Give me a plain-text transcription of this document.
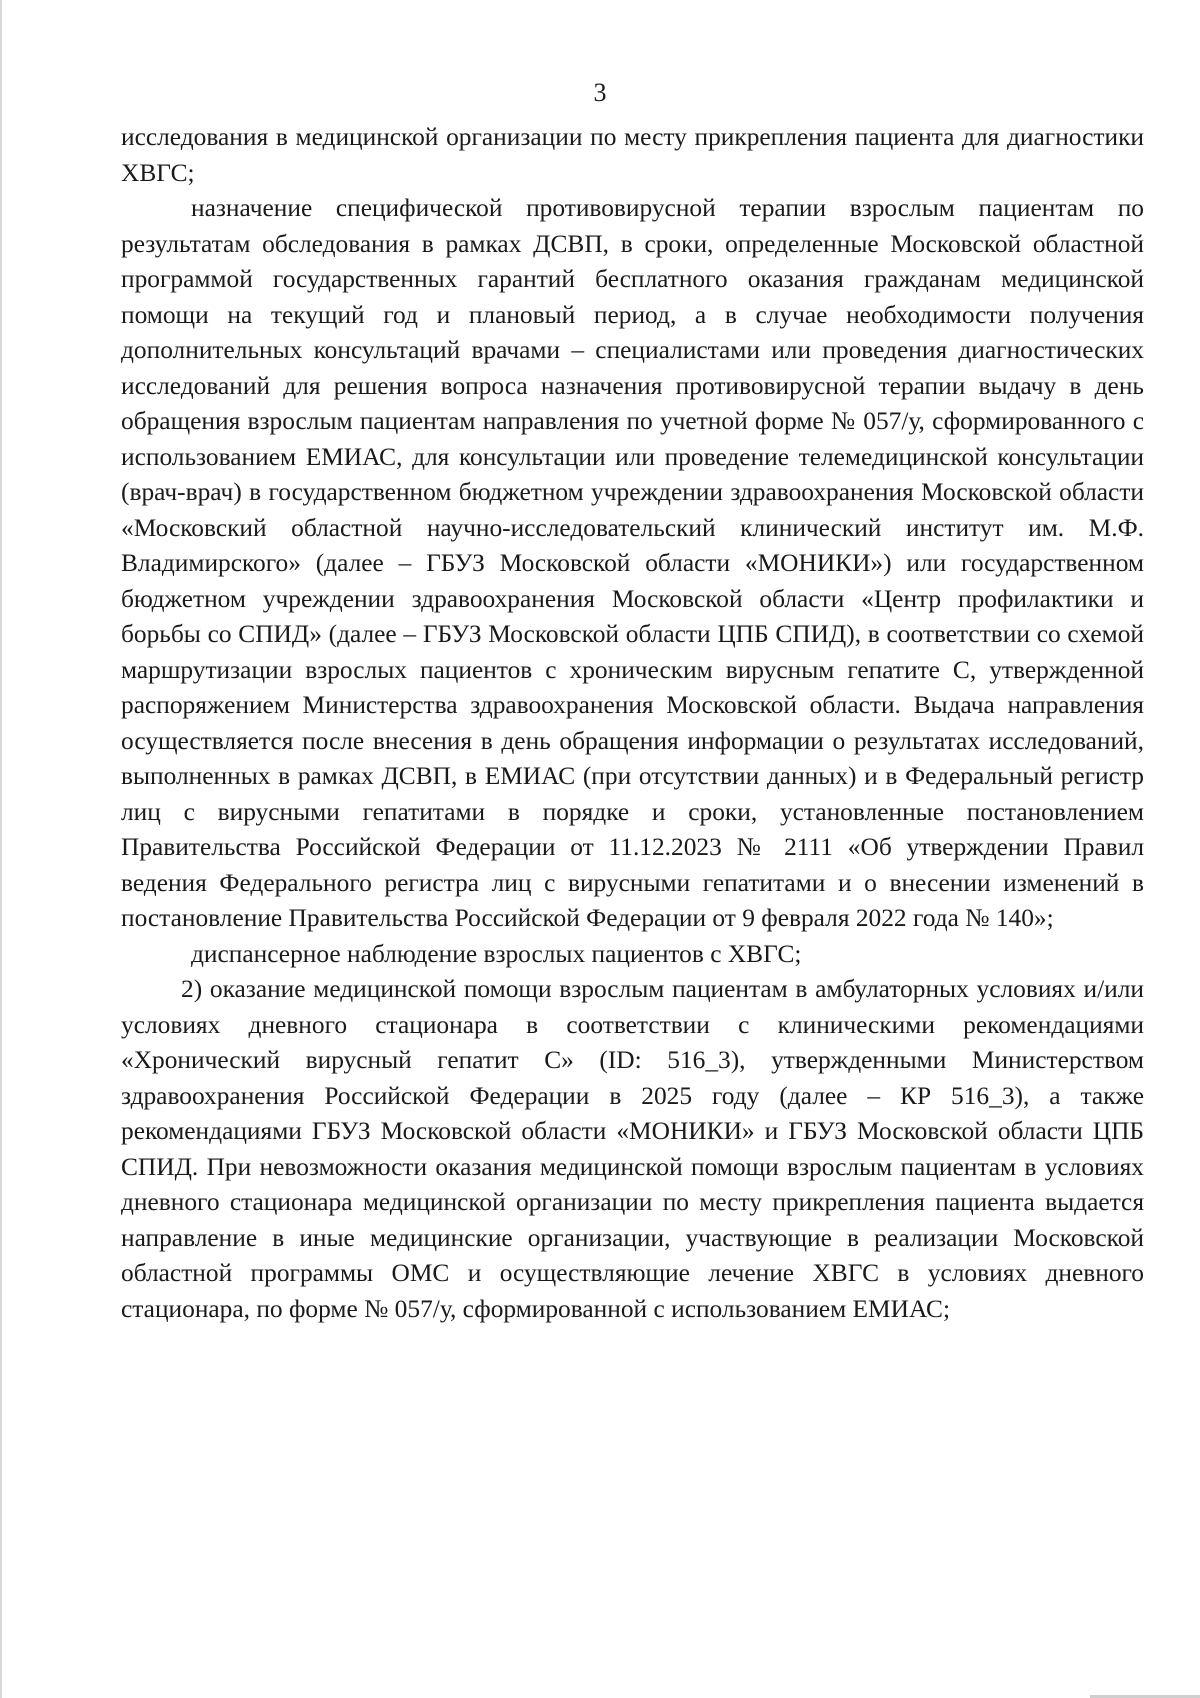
3

исследования в медицинской организации по месту прикрепления пациента для диагностики ХВГС;

назначение специфической противовирусной терапии взрослым пациентам по результатам обследования в рамках ДСВП, в сроки, определенные Московской областной программой государственных гарантий бесплатного оказания гражданам медицинской помощи на текущий год и плановый период, а в случае необходимости получения дополнительных консультаций врачами – специалистами или проведения диагностических исследований для решения вопроса назначения противовирусной терапии выдачу в день обращения взрослым пациентам направления по учетной форме № 057/у, сформированного с использованием ЕМИАС, для консультации или проведение телемедицинской консультации (врач-врач) в государственном бюджетном учреждении здравоохранения Московской области «Московский областной научно-исследовательский клинический институт им. М.Ф. Владимирского» (далее – ГБУЗ Московской области «МОНИКИ») или государственном бюджетном учреждении здравоохранения Московской области «Центр профилактики и борьбы со СПИД» (далее – ГБУЗ Московской области ЦПБ СПИД), в соответствии со схемой маршрутизации взрослых пациентов с хроническим вирусным гепатите С, утвержденной распоряжением Министерства здравоохранения Московской области. Выдача направления осуществляется после внесения в день обращения информации о результатах исследований, выполненных в рамках ДСВП, в ЕМИАС (при отсутствии данных) и в Федеральный регистр лиц с вирусными гепатитами в порядке и сроки, установленные постановлением Правительства Российской Федерации от 11.12.2023 № 2111 «Об утверждении Правил ведения Федерального регистра лиц с вирусными гепатитами и о внесении изменений в постановление Правительства Российской Федерации от 9 февраля 2022 года № 140»;

диспансерное наблюдение взрослых пациентов с ХВГС;

2) оказание медицинской помощи взрослым пациентам в амбулаторных условиях и/или условиях дневного стационара в соответствии с клиническими рекомендациями «Хронический вирусный гепатит С» (ID: 516_3), утвержденными Министерством здравоохранения Российской Федерации в 2025 году (далее – КР 516_3), а также рекомендациями ГБУЗ Московской области «МОНИКИ» и ГБУЗ Московской области ЦПБ СПИД. При невозможности оказания медицинской помощи взрослым пациентам в условиях дневного стационара медицинской организации по месту прикрепления пациента выдается направление в иные медицинские организации, участвующие в реализации Московской областной программы ОМС и осуществляющие лечение ХВГС в условиях дневного стационара, по форме № 057/у, сформированной с использованием ЕМИАС;
